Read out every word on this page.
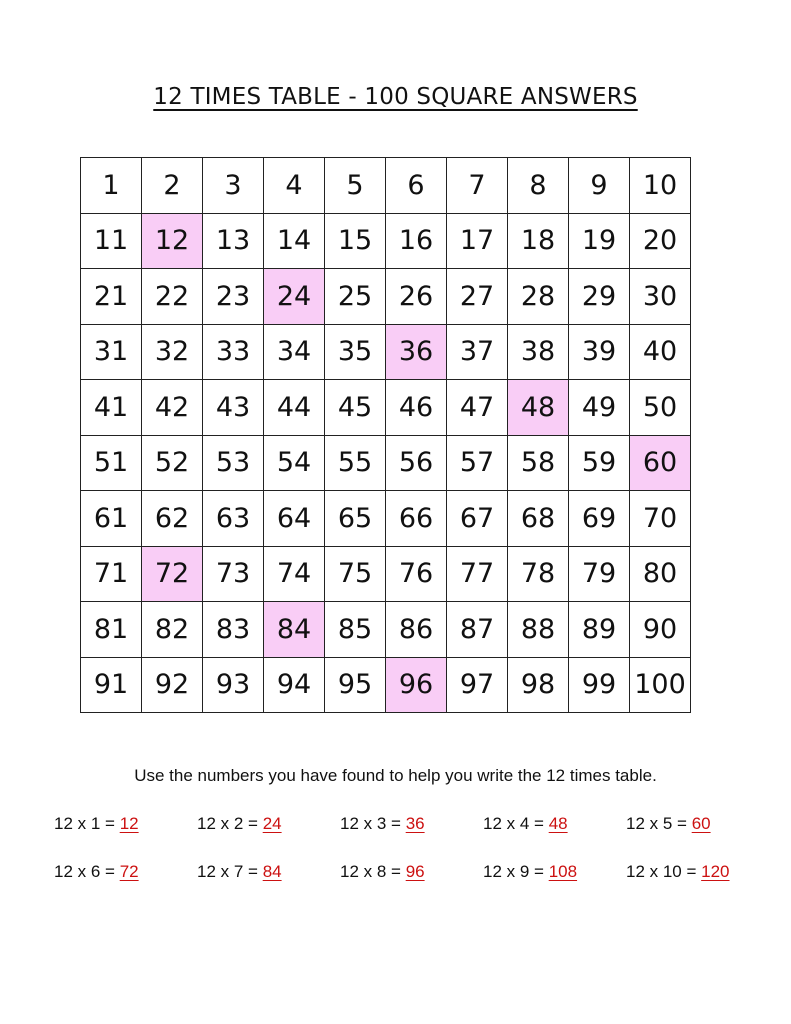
12 TIMES TABLE - 100 SQUARE ANSWERS
1	2	3	4	5	6	7	8	9	10
11	12	13	14	15	16	17	18	19	20
21	22	23	24	25	26	27	28	29	30
31	32	33	34	35	36	37	38	39	40
41	42	43	44	45	46	47	48	49	50
51	52	53	54	55	56	57	58	59	60
61	62	63	64	65	66	67	68	69	70
71	72	73	74	75	76	77	78	79	80
81	82	83	84	85	86	87	88	89	90
91	92	93	94	95	96	97	98	99	100
Use the numbers you have found to help you write the 12 times table.
12 x 1 = 12	12 x 2 = 24	12 x 3 = 36	12 x 4 = 48	12 x 5 = 60
12 x 6 = 72	12 x 7 = 84	12 x 8 = 96	12 x 9 = 108	12 x 10 = 120
